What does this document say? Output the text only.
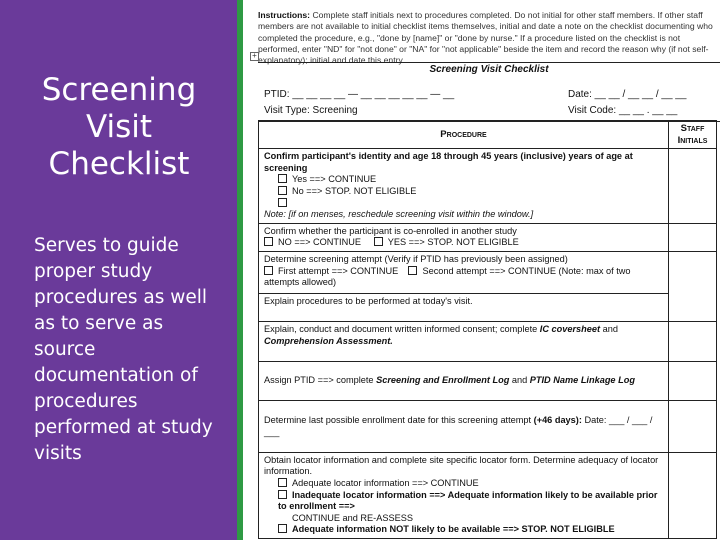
Screening Visit Checklist

Serves to guide proper study procedures as well as to serve as source documentation of procedures performed at study visits

Instructions: Complete staff initials next to procedures completed. Do not initial for other staff members. If other staff members are not available to initial checklist items themselves, initial and date a note on the checklist documenting who completed the procedure, e.g., "done by [name]" or "done by nurse." If a procedure listed on the checklist is not performed, enter "ND" for "not done" or "NA" for "not applicable" beside the item and record the reason why (if not self-explanatory); initial and date this entry.
+
Screening Visit Checklist
PTID: __ __ __ __ — __ __ __ __ __ — __	Date: __ __ / __ __ / __ __
Visit Type: Screening	Visit Code: __ __ . __ __
Procedure	Staff Initials

Confirm participant's identity and age 18 through 45 years (inclusive) years of age at screening
Yes ==> CONTINUE
No ==> STOP. NOT ELIGIBLE
Note: [if on menses, reschedule screening visit within the window.]	

Confirm whether the participant is co-enrolled in another study
NO ==> CONTINUE YES ==> STOP. NOT ELIGIBLE	

Determine screening attempt (Verify if PTID has previously been assigned)
First attempt ==> CONTINUE Second attempt ==> CONTINUE (Note: max of two attempts allowed)
Explain procedures to be performed at today's visit.	

Explain, conduct and document written informed consent; complete IC coversheet and Comprehension Assessment.

Assign PTID ==> complete Screening and Enrollment Log and PTID Name Linkage Log

Determine last possible enrollment date for this screening attempt (+46 days): Date: ___ / ___ / ___

Obtain locator information and complete site specific locator form. Determine adequacy of locator information.
Adequate locator information ==> CONTINUE
Inadequate locator information ==> Adequate information likely to be available prior to enrollment ==>
CONTINUE and RE-ASSESS
Adequate information NOT likely to be available ==> STOP. NOT ELIGIBLE	
